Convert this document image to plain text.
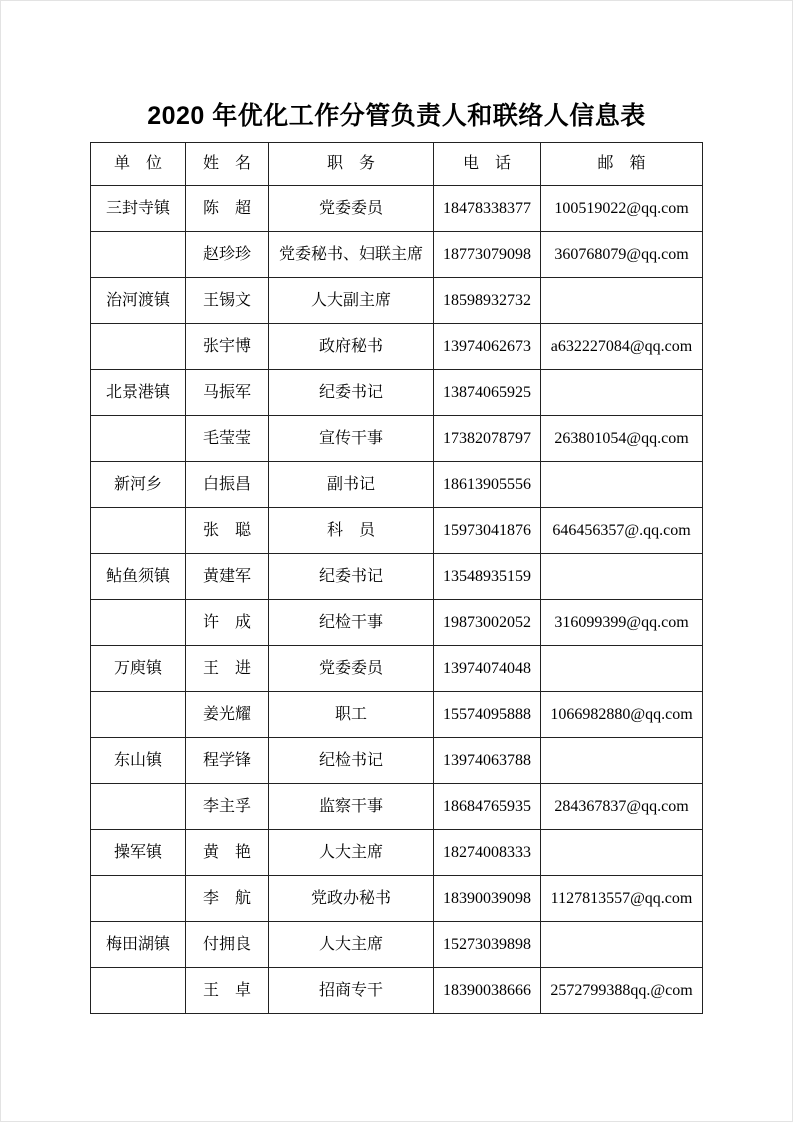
2020 年优化工作分管负责人和联络人信息表
单　位	姓　名	职　务	电　话	邮　箱
三封寺镇	陈　超	党委委员	18478338377	100519022@qq.com
	赵珍珍	党委秘书、妇联主席	18773079098	360768079@qq.com
治河渡镇	王锡文	人大副主席	18598932732	
	张宇博	政府秘书	13974062673	a632227084@qq.com
北景港镇	马振军	纪委书记	13874065925	
	毛莹莹	宣传干事	17382078797	263801054@qq.com
新河乡	白振昌	副书记	18613905556	
	张　聪	科　员	15973041876	646456357@.qq.com
鲇鱼须镇	黄建军	纪委书记	13548935159	
	许　成	纪检干事	19873002052	316099399@qq.com
万庾镇	王　进	党委委员	13974074048	
	姜光耀	职工	15574095888	1066982880@qq.com
东山镇	程学锋	纪检书记	13974063788	
	李主孚	监察干事	18684765935	284367837@qq.com
操军镇	黄　艳	人大主席	18274008333	
	李　航	党政办秘书	18390039098	1127813557@qq.com
梅田湖镇	付拥良	人大主席	15273039898	
	王　卓	招商专干	18390038666	2572799388qq.@com
